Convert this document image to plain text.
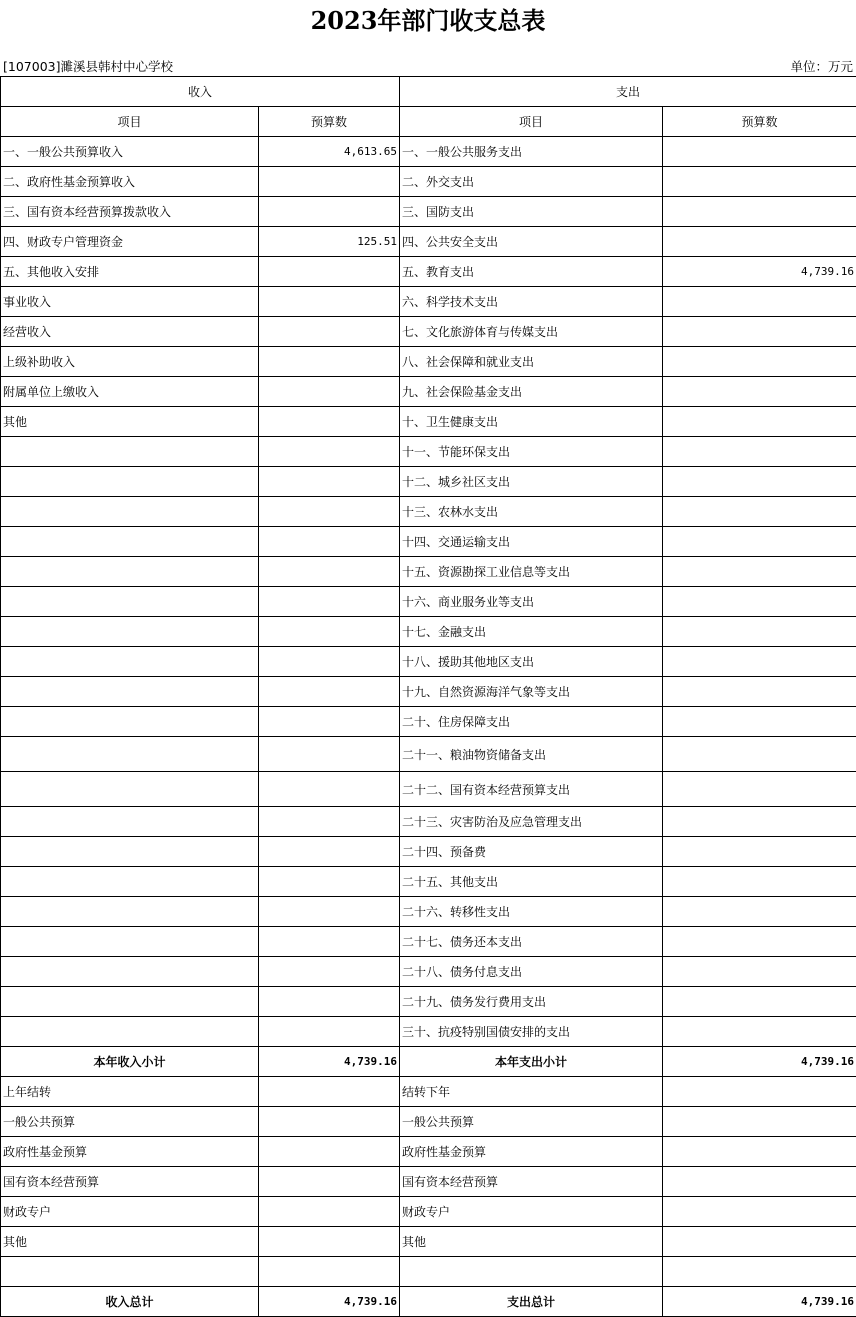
2023年部门收支总表
[107003]濉溪县韩村中心学校	单位：万元
收入		支出	
项目	预算数	项目	预算数
一、一般公共预算收入	4,613.65	一、一般公共服务支出	
二、政府性基金预算收入		二、外交支出	
三、国有资本经营预算拨款收入		三、国防支出	
四、财政专户管理资金	125.51	四、公共安全支出	
五、其他收入安排		五、教育支出	4,739.16
事业收入		六、科学技术支出	
经营收入		七、文化旅游体育与传媒支出	
上级补助收入		八、社会保障和就业支出	
附属单位上缴收入		九、社会保险基金支出	
其他		十、卫生健康支出	
		十一、节能环保支出	
		十二、城乡社区支出	
		十三、农林水支出	
		十四、交通运输支出	
		十五、资源勘探工业信息等支出	
		十六、商业服务业等支出	
		十七、金融支出	
		十八、援助其他地区支出	
		十九、自然资源海洋气象等支出	
		二十、住房保障支出	
		二十一、粮油物资储备支出	
		二十二、国有资本经营预算支出	
		二十三、灾害防治及应急管理支出	
		二十四、预备费	
		二十五、其他支出	
		二十六、转移性支出	
		二十七、债务还本支出	
		二十八、债务付息支出	
		二十九、债务发行费用支出	
		三十、抗疫特别国债安排的支出	
本年收入小计	4,739.16	本年支出小计	4,739.16
上年结转		结转下年	
一般公共预算		一般公共预算	
政府性基金预算		政府性基金预算	
国有资本经营预算		国有资本经营预算	
财政专户		财政专户	
其他		其他	

收入总计	4,739.16	支出总计	4,739.16
